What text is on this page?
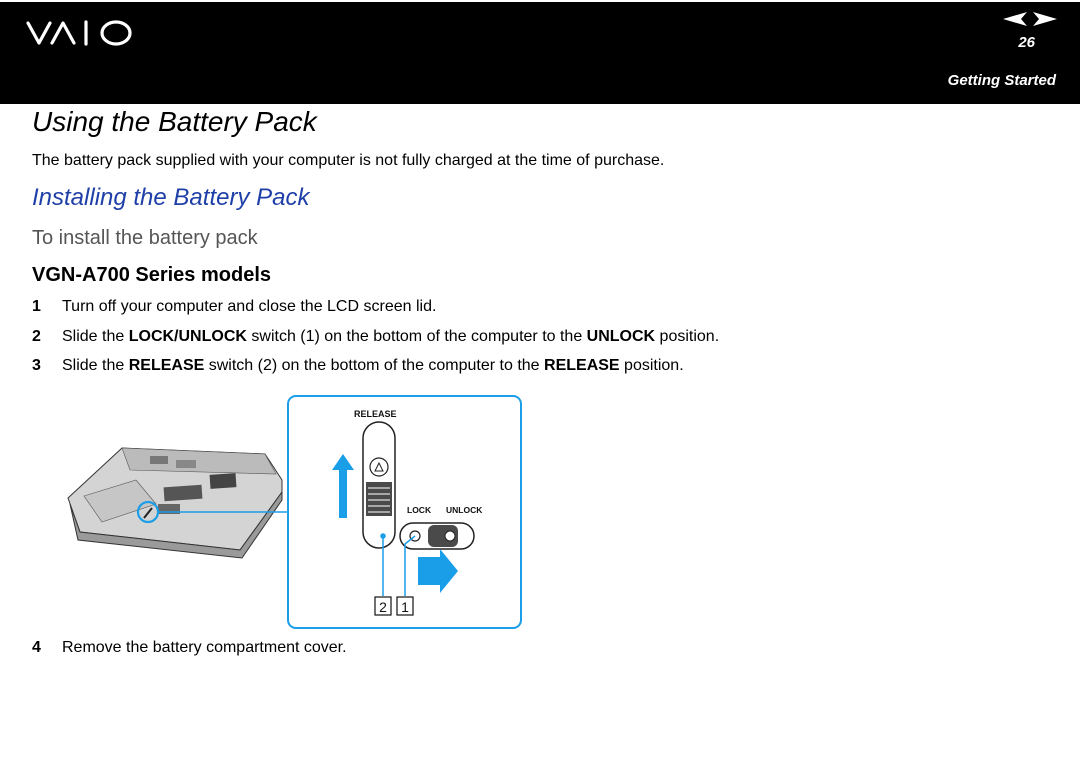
26
Getting Started
Using the Battery Pack

The battery pack supplied with your computer is not fully charged at the time of purchase.

Installing the Battery Pack
To install the battery pack
VGN-A700 Series models
1 Turn off your computer and close the LCD screen lid.
2 Slide the LOCK/UNLOCK switch (1) on the bottom of the computer to the UNLOCK position.
3 Slide the RELEASE switch (2) on the bottom of the computer to the RELEASE position.
4 Remove the battery compartment cover.
RELEASE
LOCK UNLOCK
2 1
